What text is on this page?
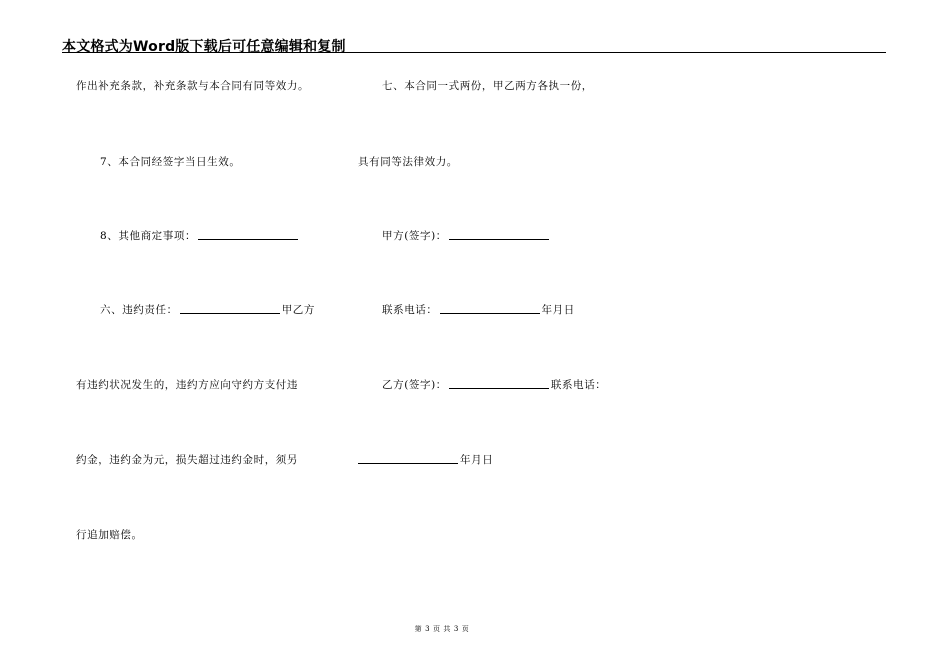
本文格式为Word版下载后可任意编辑和复制
作出补充条款，补充条款与本合同有同等效力。
7、本合同经签字当日生效。
8、其他商定事项：
六、违约责任：	甲乙方
有违约状况发生的，违约方应向守约方支付违
约金，违约金为元，损失超过违约金时，须另
行追加赔偿。
七、本合同一式两份，甲乙两方各执一份，
具有同等法律效力。
甲方(签字)：
联系电话：	年月日
乙方(签字)：	联系电话：
年月日
第 3 页 共 3 页
